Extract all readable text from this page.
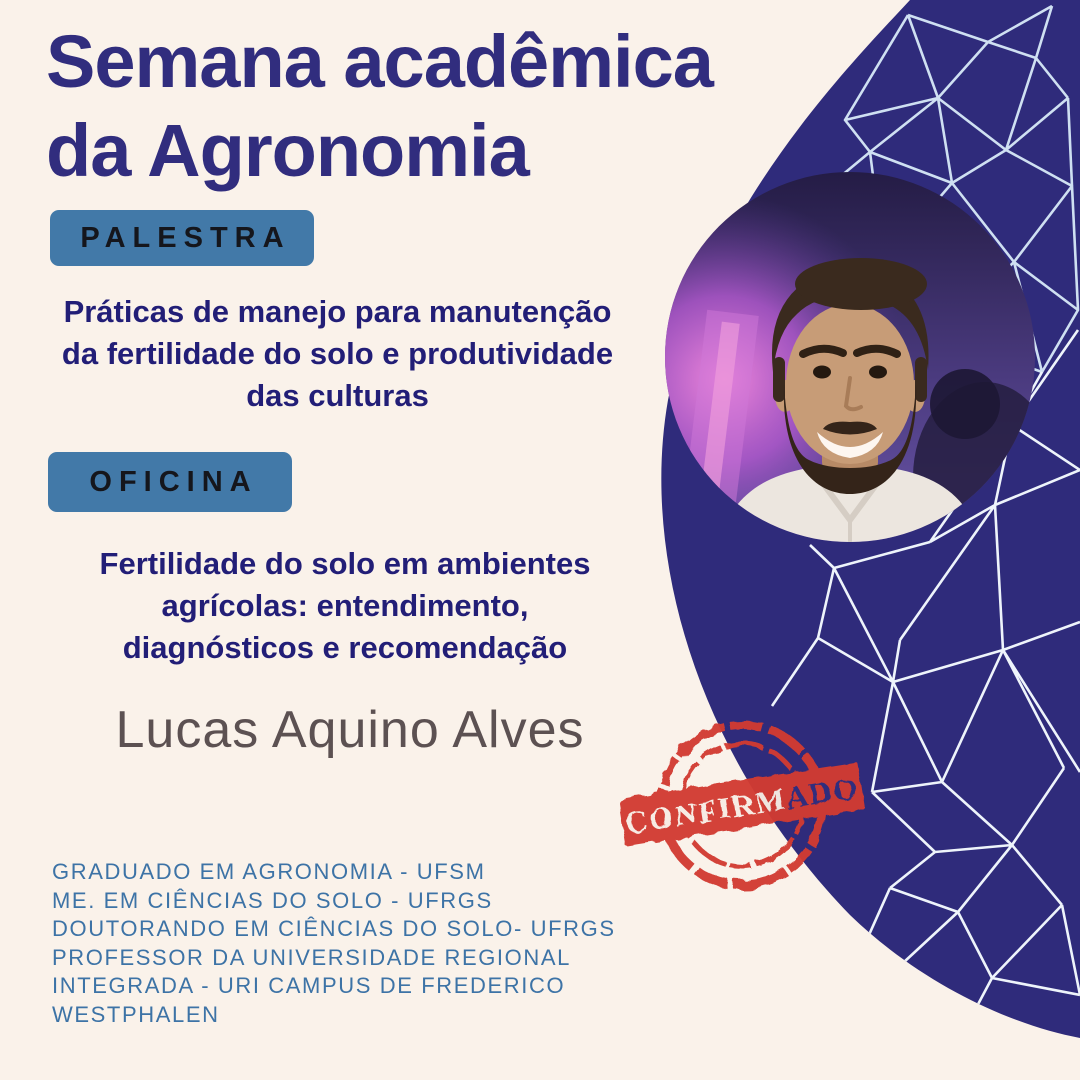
Semana acadêmica
da Agronomia
PALESTRA
Práticas de manejo para manutenção
da fertilidade do solo e produtividade
das culturas
OFICINA
Fertilidade do solo em ambientes
agrícolas: entendimento,
diagnósticos e recomendação
Lucas Aquino Alves
CONFIRMADO
GRADUADO EM AGRONOMIA - UFSM
ME. EM CIÊNCIAS DO SOLO - UFRGS
DOUTORANDO EM CIÊNCIAS DO SOLO- UFRGS
PROFESSOR DA UNIVERSIDADE REGIONAL
INTEGRADA - URI CAMPUS DE FREDERICO
WESTPHALEN
